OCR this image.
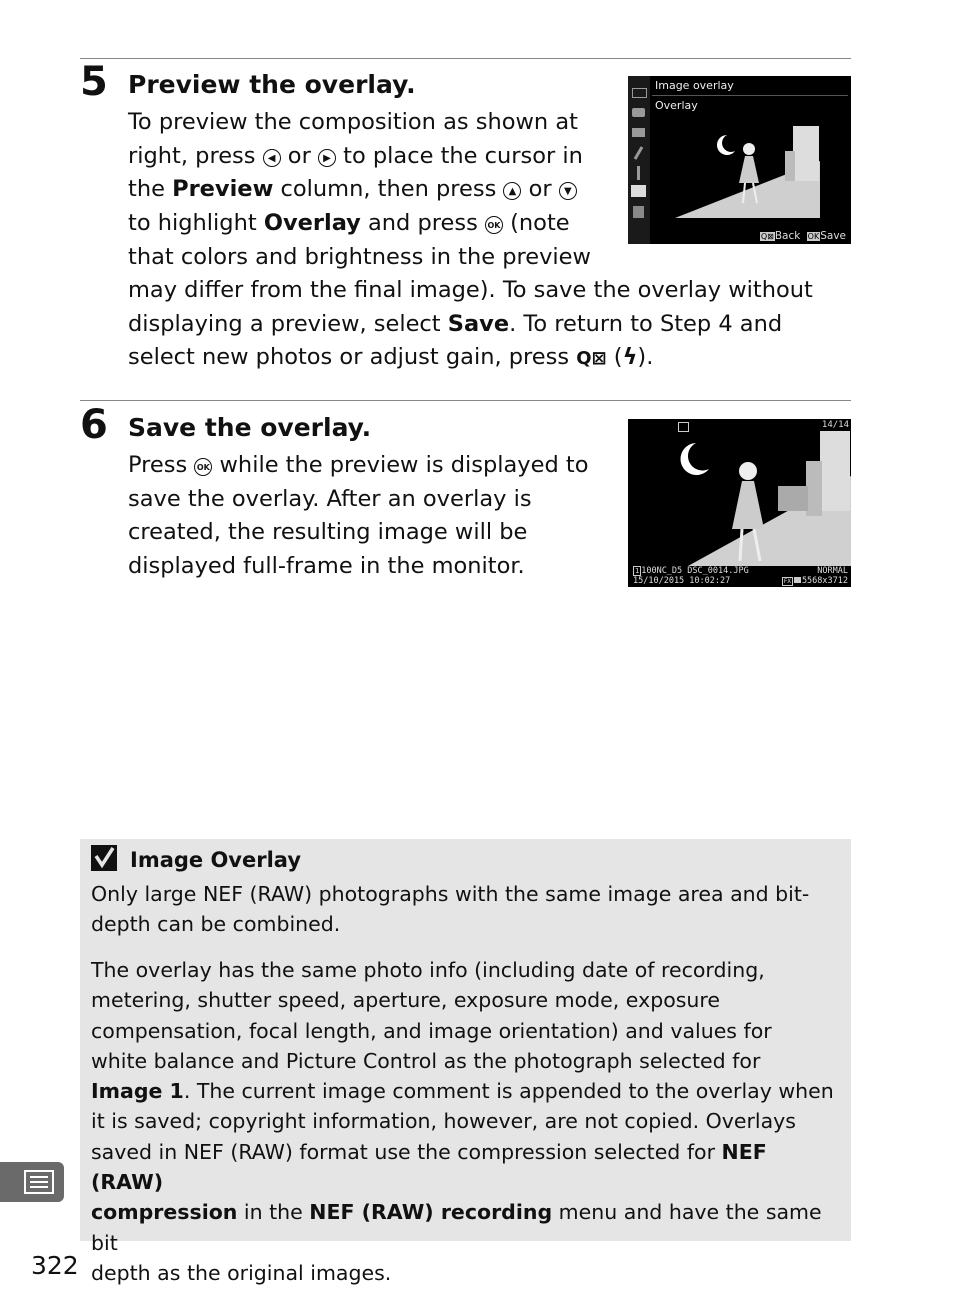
5 Preview the overlay.

To preview the composition as shown at
right, press ◀ or ▶ to place the cursor in
the Preview column, then press ▲ or ▼
to highlight Overlay and press OK (note
that colors and brightness in the preview

may differ from the final image). To save the overlay without
displaying a preview, select Save. To return to Step 4 and
select new photos or adjust gain, press Q⊠ (ϟ).

Image overlay
Overlay
Q⊠Back OKSave
6 Save the overlay.

Press OK while the preview is displayed to
save the overlay. After an overlay is
created, the resulting image will be
displayed full-frame in the monitor.

14/14
1 100NC_D5 DSC_0014.JPG	NORMAL
15/10/2015 10:02:27	FX 5568x3712
Image Overlay

Only large NEF (RAW) photographs with the same image area and bit-
depth can be combined.

The overlay has the same photo info (including date of recording,
metering, shutter speed, aperture, exposure mode, exposure
compensation, focal length, and image orientation) and values for
white balance and Picture Control as the photograph selected for
Image 1. The current image comment is appended to the overlay when
it is saved; copyright information, however, are not copied. Overlays
saved in NEF (RAW) format use the compression selected for NEF (RAW)
compression in the NEF (RAW) recording menu and have the same bit
depth as the original images.

322
